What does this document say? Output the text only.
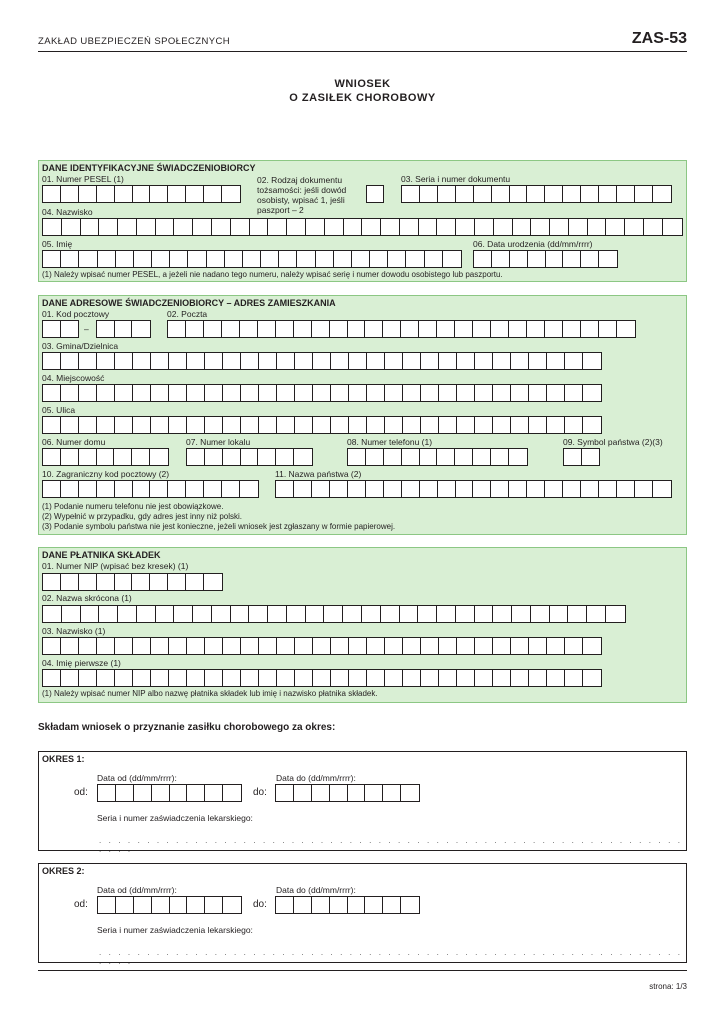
ZAKŁAD UBEZPIECZEŃ SPOŁECZNYCH	ZAS-53
WNIOSEK
O ZASIŁEK CHOROBOWY
DANE IDENTYFIKACYJNE ŚWIADCZENIOBIORCY
01. Numer PESEL (1)	02. Rodzaj dokumentu
tożsamości: jeśli dowód
osobisty, wpisać 1, jeśli
paszport – 2
03. Seria i numer dokumentu
04. Nazwisko
05. Imię	06. Data urodzenia (dd/mm/rrrr)
(1) Należy wpisać numer PESEL, a jeżeli nie nadano tego numeru, należy wpisać serię i numer dowodu osobistego lub paszportu.
DANE ADRESOWE ŚWIADCZENIOBIORCY – ADRES ZAMIESZKANIA
01. Kod pocztowy
–
02. Poczta
03. Gmina/Dzielnica
04. Miejscowość
05. Ulica
06. Numer domu	07. Numer lokalu	08. Numer telefonu (1)	09. Symbol państwa (2)(3)
10. Zagraniczny kod pocztowy (2)	11. Nazwa państwa (2)
(1) Podanie numeru telefonu nie jest obowiązkowe.
(2) Wypełnić w przypadku, gdy adres jest inny niż polski.
(3) Podanie symbolu państwa nie jest konieczne, jeżeli wniosek jest zgłaszany w formie papierowej.
DANE PŁATNIKA SKŁADEK
01. Numer NIP (wpisać bez kresek) (1)
02. Nazwa skrócona (1)
03. Nazwisko (1)
04. Imię pierwsze (1)
(1) Należy wpisać numer NIP albo nazwę płatnika składek lub imię i nazwisko płatnika składek.
Składam wniosek o przyznanie zasiłku chorobowego za okres:
OKRES 1:
Data od (dd/mm/rrrr):
od:
Data do (dd/mm/rrrr):
do:
Seria i numer zaświadczenia lekarskiego:
. . . . . . . . . . . . . . . . . . . . . . . . . . . . . . . . . . . . . . . . . . . . . . . . . . . . . . . . . . . . . . . . .
OKRES 2:
Data od (dd/mm/rrrr):
od:
Data do (dd/mm/rrrr):
do:
Seria i numer zaświadczenia lekarskiego:
. . . . . . . . . . . . . . . . . . . . . . . . . . . . . . . . . . . . . . . . . . . . . . . . . . . . . . . . . . . . . . . . .
strona: 1/3
